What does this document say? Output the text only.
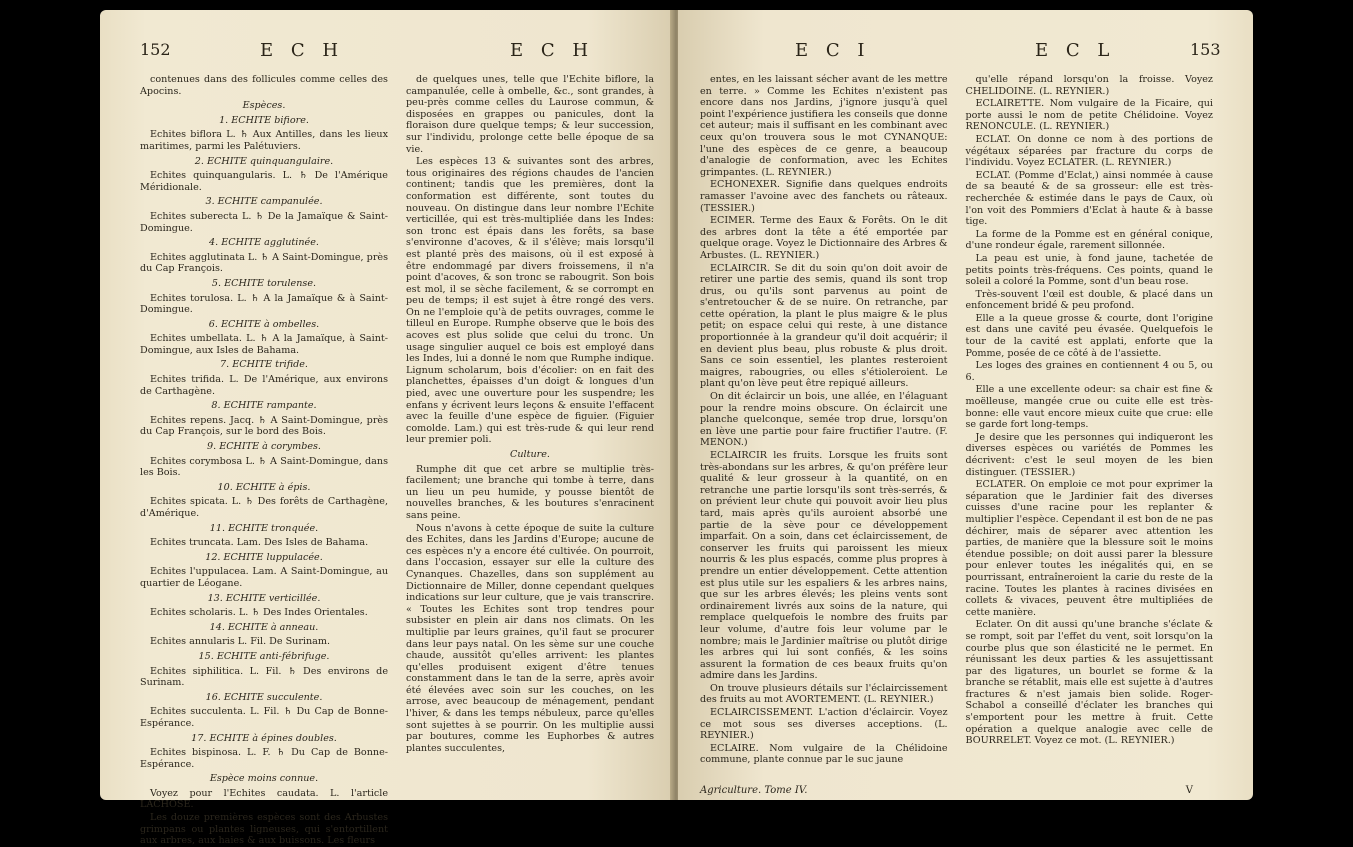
152	E C H	E C H

contenues dans des follicules comme celles des Apocins.

Espèces.

1. ECHITE bifiore.

Echites biflora L. ♄ Aux Antilles, dans les lieux maritimes, parmi les Palétuviers.

2. ECHITE quinquangulaire.

Echites quinquangularis. L. ♄ De l'Amérique Méridionale.

3. ECHITE campanulée.

Echites suberecta L. ♄ De la Jamaïque & Saint-Domingue.

4. ECHITE agglutinée.

Echites agglutinata L. ♄ A Saint-Domingue, près du Cap François.

5. ECHITE torulense.

Echites torulosa. L. ♄ A la Jamaïque & à Saint-Domingue.

6. ECHITE à ombelles.

Echites umbellata. L. ♄ A la Jamaïque, à Saint-Domingue, aux Isles de Bahama.

7. ECHITE trifide.

Echites trifida. L. De l'Amérique, aux environs de Carthagène.

8. ECHITE rampante.

Echites repens. Jacq. ♄ A Saint-Domingue, près du Cap François, sur le bord des Bois.

9. ECHITE à corymbes.

Echites corymbosa L. ♄ A Saint-Domingue, dans les Bois.

10. ECHITE à épis.

Echites spicata. L. ♄ Des forêts de Carthagène, d'Amérique.

11. ECHITE tronquée.

Echites truncata. Lam. Des Isles de Bahama.

12. ECHITE luppulacée.

Echites l'uppulacea. Lam. A Saint-Domingue, au quartier de Léogane.

13. ECHITE verticillée.

Echites scholaris. L. ♄ Des Indes Orientales.

14. ECHITE à anneau.

Echites annularis L. Fil. De Surinam.

15. ECHITE anti-fébrifuge.

Echites siphilitica. L. Fil. ♄ Des environs de Surinam.

16. ECHITE succulente.

Echites succulenta. L. Fil. ♄ Du Cap de Bonne-Espérance.

17. ECHITE à épines doubles.

Echites bispinosa. L. F. ♄ Du Cap de Bonne-Espérance.

Espèce moins connue.

Voyez pour l'Echites caudata. L. l'article LACHOSE.

Les douze premières espèces sont des Arbustes grimpans ou plantes ligneuses, qui s'entortillent aux arbres, aux haies & aux buissons. Les fleurs

de quelques unes, telle que l'Echite biflore, la campanulée, celle à ombelle, &c., sont grandes, à peu-près comme celles du Laurose commun, & disposées en grappes ou panicules, dont la floraison dure quelque temps; & leur succession, sur l'individu, prolonge cette belle époque de sa vie.

Les espèces 13 & suivantes sont des arbres, tous originaires des régions chaudes de l'ancien continent; tandis que les premières, dont la conformation est différente, sont toutes du nouveau. On distingue dans leur nombre l'Echite verticillée, qui est très-multipliée dans les Indes: son tronc est épais dans les forêts, sa base s'environne d'acoves, & il s'élève; mais lorsqu'il est planté près des maisons, où il est exposé à être endommagé par divers froissemens, il n'a point d'acoves, & son tronc se rabougrit. Son bois est mol, il se sèche facilement, & se corrompt en peu de temps; il est sujet à être rongé des vers. On ne l'emploie qu'à de petits ouvrages, comme le tilleul en Europe. Rumphe observe que le bois des acoves est plus solide que celui du tronc. Un usage singulier auquel ce bois est employé dans les Indes, lui a donné le nom que Rumphe indique. Lignum scholarum, bois d'écolier: on en fait des planchettes, épaisses d'un doigt & longues d'un pied, avec une ouverture pour les suspendre; les enfans y écrivent leurs leçons & ensuite l'effacent avec la feuille d'une espèce de figuier. (Figuier comolde. Lam.) qui est très-rude & qui leur rend leur premier poli.

Culture.

Rumphe dit que cet arbre se multiplie très-facilement; une branche qui tombe à terre, dans un lieu un peu humide, y pousse bientôt de nouvelles branches, & les boutures s'enracinent sans peine.

Nous n'avons à cette époque de suite la culture des Echites, dans les Jardins d'Europe; aucune de ces espèces n'y a encore été cultivée. On pourroit, dans l'occasion, essayer sur elle la culture des Cynanques. Chazelles, dans son supplément au Dictionnaire de Miller, donne cependant quelques indications sur leur culture, que je vais transcrire. « Toutes les Echites sont trop tendres pour subsister en plein air dans nos climats. On les multiplie par leurs graines, qu'il faut se procurer dans leur pays natal. On les sème sur une couche chaude, aussitôt qu'elles arrivent: les plantes qu'elles produisent exigent d'être tenues constamment dans le tan de la serre, après avoir été élevées avec soin sur les couches, on les arrose, avec beaucoup de ménagement, pendant l'hiver, & dans les temps nébuleux, parce qu'elles sont sujettes à se pourrir. On les multiplie aussi par boutures, comme les Euphorbes & autres plantes succulentes,

E C I	E C L	153

entes, en les laissant sécher avant de les mettre en terre. » Comme les Echites n'existent pas encore dans nos Jardins, j'ignore jusqu'à quel point l'expérience justifiera les conseils que donne cet auteur; mais il suffisant en les combinant avec ceux qu'on trouvera sous le mot CYNANQUE: l'une des espèces de ce genre, a beaucoup d'analogie de conformation, avec les Echites grimpantes. (L. REYNIER.)

ECHONEXER. Signifie dans quelques endroits ramasser l'avoine avec des fanchets ou râteaux. (TESSIER.)

ECIMER. Terme des Eaux & Forêts. On le dit des arbres dont la tête a été emportée par quelque orage. Voyez le Dictionnaire des Arbres & Arbustes. (L. REYNIER.)

ECLAIRCIR. Se dit du soin qu'on doit avoir de retirer une partie des semis, quand ils sont trop drus, ou qu'ils sont parvenus au point de s'entretoucher & de se nuire. On retranche, par cette opération, la plant le plus maigre & le plus petit; on espace celui qui reste, à une distance proportionnée à la grandeur qu'il doit acquérir; il en devient plus beau, plus robuste & plus droit. Sans ce soin essentiel, les plantes resteroient maigres, rabougries, ou elles s'étioleroient. Le plant qu'on lève peut être repiqué ailleurs.

On dit éclaircir un bois, une allée, en l'élaguant pour la rendre moins obscure. On éclaircit une planche quelconque, semée trop drue, lorsqu'on en lève une partie pour faire fructifier l'autre. (F. MENON.)

ECLAIRCIR les fruits. Lorsque les fruits sont très-abondans sur les arbres, & qu'on préfère leur qualité & leur grosseur à la quantité, on en retranche une partie lorsqu'ils sont très-serrés, & on prévient leur chute qui pouvoit avoir lieu plus tard, mais après qu'ils auroient absorbé une partie de la sève pour ce développement imparfait. On a soin, dans cet éclaircissement, de conserver les fruits qui paroissent les mieux nourris & les plus espacés, comme plus propres à prendre un entier développement. Cette attention est plus utile sur les espaliers & les arbres nains, que sur les arbres élevés; les pleins vents sont ordinairement livrés aux soins de la nature, qui remplace quelquefois le nombre des fruits par leur volume, d'autre fois leur volume par le nombre; mais le Jardinier maîtrise ou plutôt dirige les arbres qui lui sont confiés, & les soins assurent la formation de ces beaux fruits qu'on admire dans les Jardins.

On trouve plusieurs détails sur l'éclaircissement des fruits au mot AVORTEMENT. (L. REYNIER.)

ECLAIRCISSEMENT. L'action d'éclaircir. Voyez ce mot sous ses diverses acceptions. (L. REYNIER.)

ECLAIRE. Nom vulgaire de la Chélidoine commune, plante connue par le suc jaune

qu'elle répand lorsqu'on la froisse. Voyez CHELIDOINE. (L. REYNIER.)

ECLAIRETTE. Nom vulgaire de la Ficaire, qui porte aussi le nom de petite Chélidoine. Voyez RENONCULE. (L. REYNIER.)

ECLAT. On donne ce nom à des portions de végétaux séparées par fracture du corps de l'individu. Voyez ECLATER. (L. REYNIER.)

ECLAT. (Pomme d'Eclat,) ainsi nommée à cause de sa beauté & de sa grosseur: elle est très-recherchée & estimée dans le pays de Caux, où l'on voit des Pommiers d'Eclat à haute & à basse tige.

La forme de la Pomme est en général conique, d'une rondeur égale, rarement sillonnée.

La peau est unie, à fond jaune, tachetée de petits points très-fréquens. Ces points, quand le soleil a coloré la Pomme, sont d'un beau rose.

Très-souvent l'œil est double, & placé dans un enfoncement bridé & peu profond.

Elle a la queue grosse & courte, dont l'origine est dans une cavité peu évasée. Quelquefois le tour de la cavité est applati, enforte que la Pomme, posée de ce côté à de l'assiette.

Les loges des graines en contiennent 4 ou 5, ou 6.

Elle a une excellente odeur: sa chair est fine & moëlleuse, mangée crue ou cuite elle est très-bonne: elle vaut encore mieux cuite que crue: elle se garde fort long-temps.

Je desire que les personnes qui indiqueront les diverses espèces ou variétés de Pommes les décrivent: c'est le seul moyen de les bien distinguer. (TESSIER.)

ECLATER. On emploie ce mot pour exprimer la séparation que le Jardinier fait des diverses cuisses d'une racine pour les replanter & multiplier l'espèce. Cependant il est bon de ne pas déchirer, mais de séparer avec attention les parties, de manière que la blessure soit le moins étendue possible; on doit aussi parer la blessure pour enlever toutes les inégalités qui, en se pourrissant, entraîneroient la carie du reste de la racine. Toutes les plantes à racines divisées en collets & vivaces, peuvent être multipliées de cette manière.

Eclater. On dit aussi qu'une branche s'éclate & se rompt, soit par l'effet du vent, soit lorsqu'on la courbe plus que son élasticité ne le permet. En réunissant les deux parties & les assujettissant par des ligatures, un bourlet se forme & la branche se rétablit, mais elle est sujette à d'autres fractures & n'est jamais bien solide. Roger-Schabol a conseillé d'éclater les branches qui s'emportent pour les mettre à fruit. Cette opération a quelque analogie avec celle de BOURRELET. Voyez ce mot. (L. REYNIER.)

Agriculture. Tome IV.	V
